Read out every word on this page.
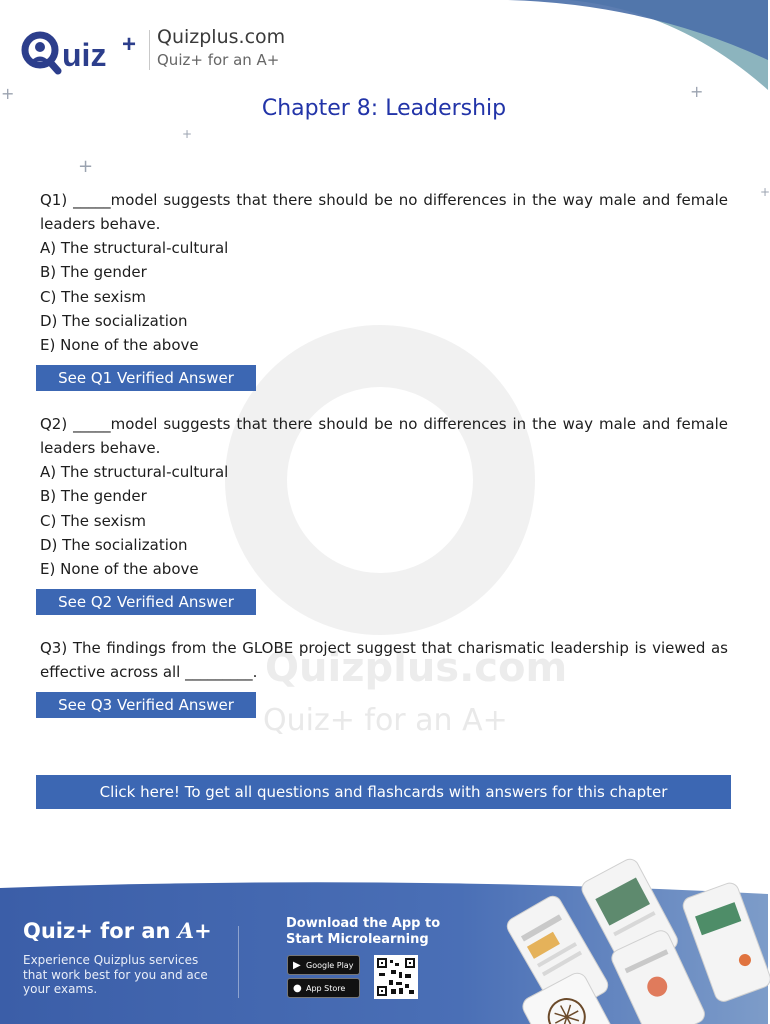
Quizplus.com
Quiz+ for an A+
uiz + Quizplus.com
Quiz+ for an A+
Chapter 8: Leadership
+	+
+
+
+
Q1) _____model suggests that there should be no differences in the way male and female leaders behave.
A) The structural-cultural
B) The gender
C) The sexism
D) The socialization
E) None of the above
See Q1 Verified Answer
Q2) _____model suggests that there should be no differences in the way male and female leaders behave.
A) The structural-cultural
B) The gender
C) The sexism
D) The socialization
E) None of the above
See Q2 Verified Answer
Q3) The findings from the GLOBE project suggest that charismatic leadership is viewed as effective across all _________.
See Q3 Verified Answer
Click here! To get all questions and flashcards with answers for this chapter
Quiz+ for an A+
Experience Quizplus services that work best for you and ace your exams.
Download the App to Start Microlearning
▶ Google Play
● App Store
